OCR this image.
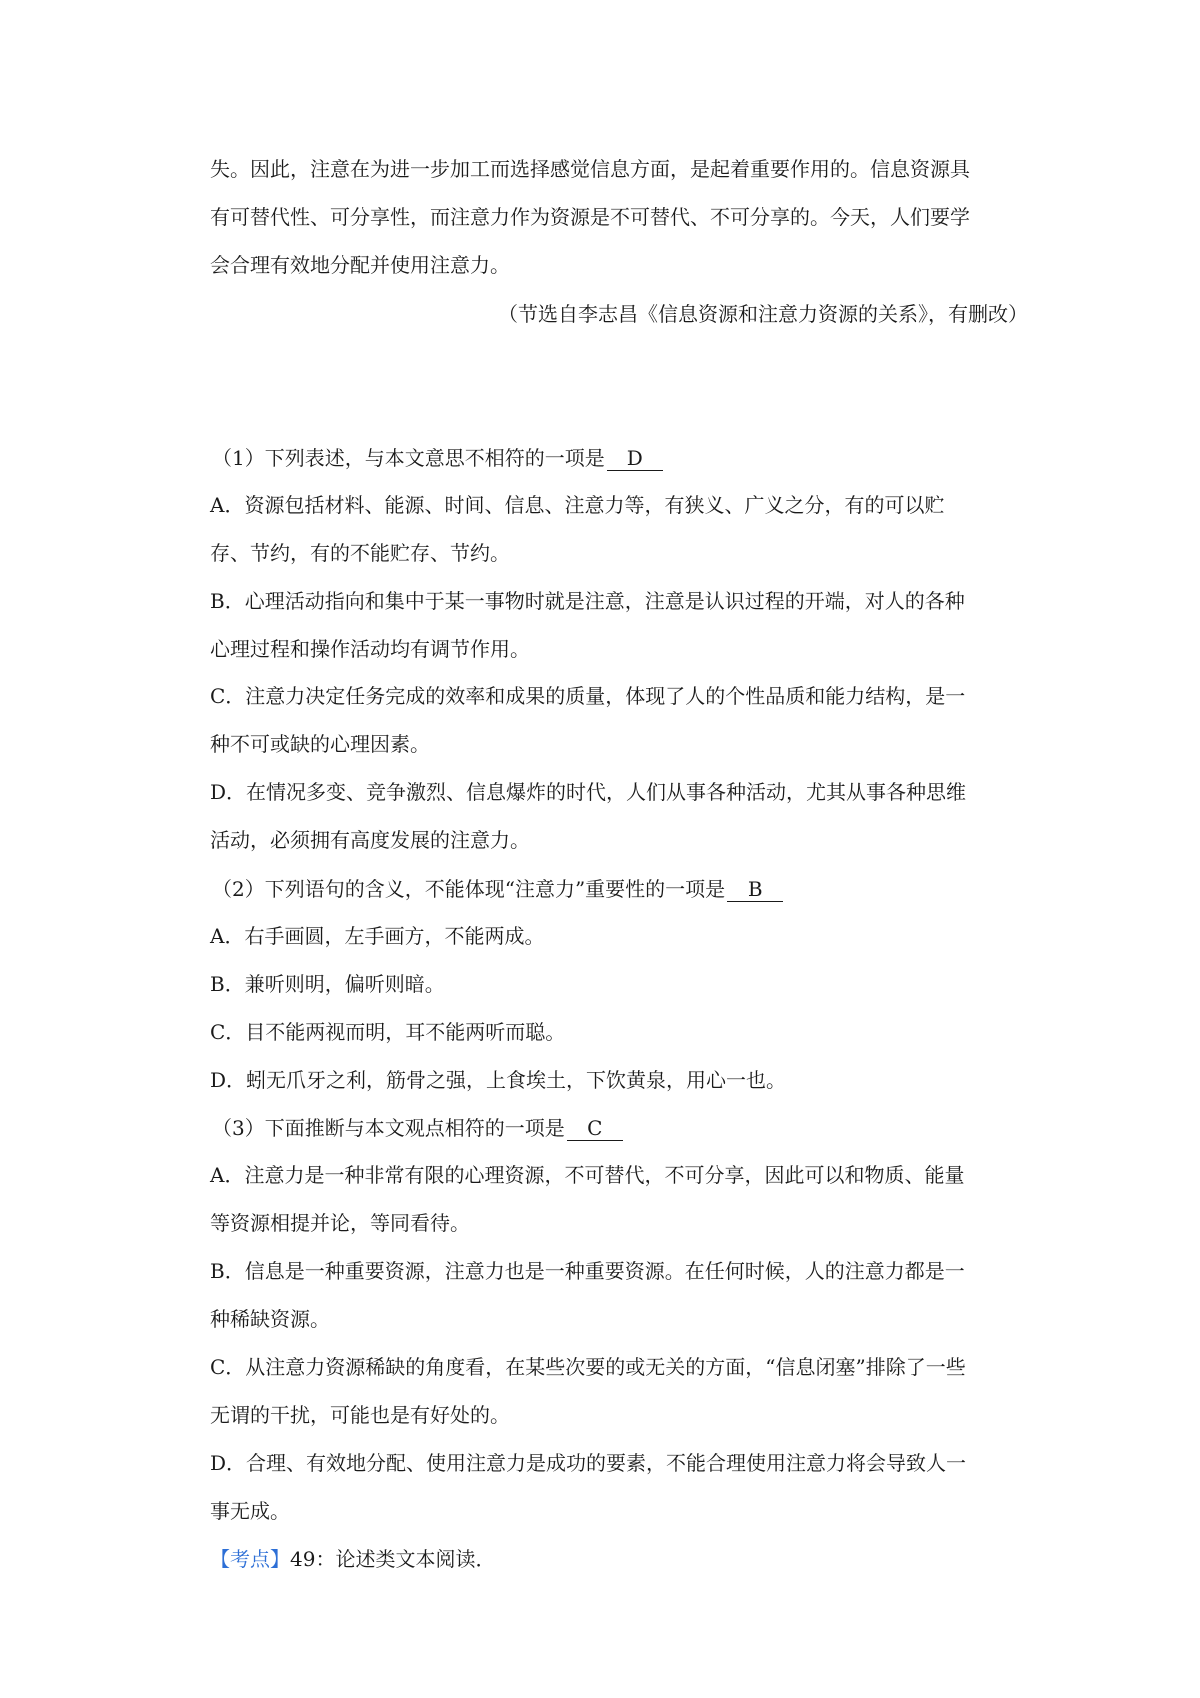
失。因此，注意在为进一步加工而选择感觉信息方面，是起着重要作用的。信息资源具
有可替代性、可分享性，而注意力作为资源是不可替代、不可分享的。今天，人们要学
会合理有效地分配并使用注意力。
（节选自李志昌《信息资源和注意力资源的关系》，有删改）
（1）下列表述，与本文意思不相符的一项是 D
A．资源包括材料、能源、时间、信息、注意力等，有狭义、广义之分，有的可以贮
存、节约，有的不能贮存、节约。
B．心理活动指向和集中于某一事物时就是注意，注意是认识过程的开端，对人的各种
心理过程和操作活动均有调节作用。
C．注意力决定任务完成的效率和成果的质量，体现了人的个性品质和能力结构，是一
种不可或缺的心理因素。
D．在情况多变、竞争激烈、信息爆炸的时代，人们从事各种活动，尤其从事各种思维
活动，必须拥有高度发展的注意力。
（2）下列语句的含义，不能体现“注意力”重要性的一项是 B
A．右手画圆，左手画方，不能两成。
B．兼听则明，偏听则暗。
C．目不能两视而明，耳不能两听而聪。
D．蚓无爪牙之利，筋骨之强，上食埃土，下饮黄泉，用心一也。
（3）下面推断与本文观点相符的一项是 C
A．注意力是一种非常有限的心理资源，不可替代，不可分享，因此可以和物质、能量
等资源相提并论，等同看待。
B．信息是一种重要资源，注意力也是一种重要资源。在任何时候，人的注意力都是一
种稀缺资源。
C．从注意力资源稀缺的角度看，在某些次要的或无关的方面，“信息闭塞”排除了一些
无谓的干扰，可能也是有好处的。
D．合理、有效地分配、使用注意力是成功的要素，不能合理使用注意力将会导致人一
事无成。
【考点】49：论述类文本阅读．
